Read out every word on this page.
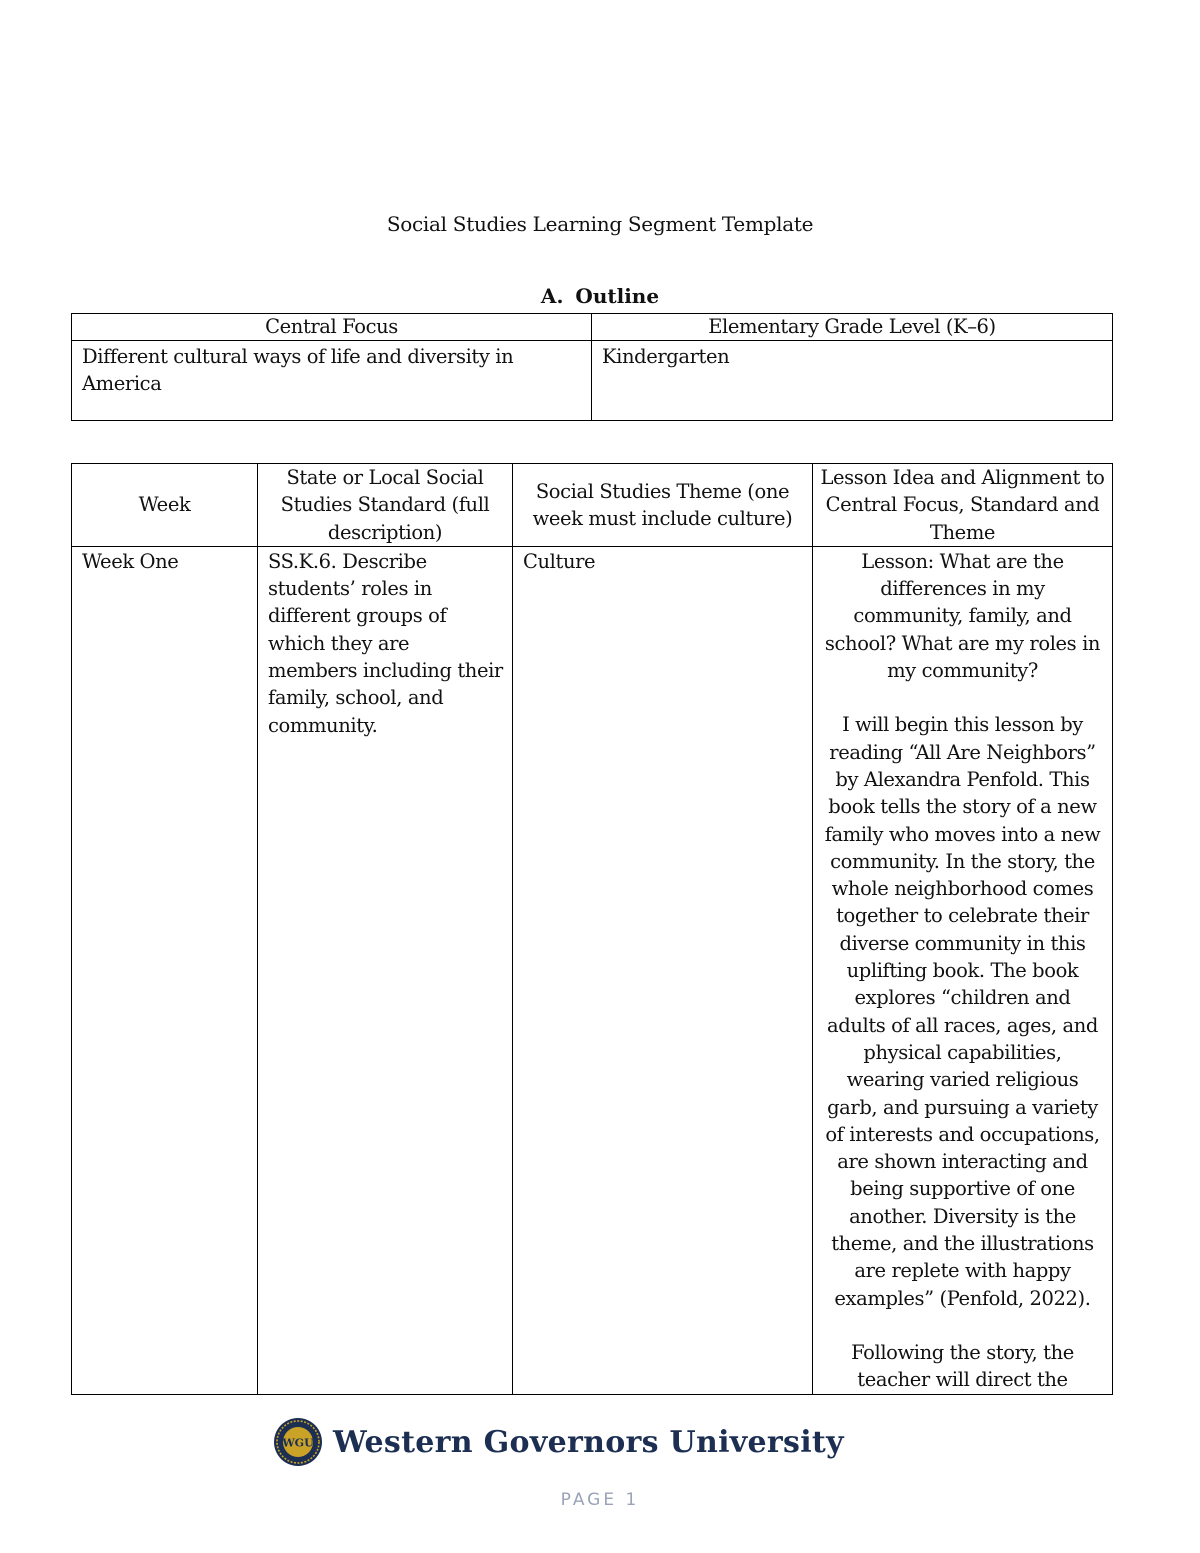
Social Studies Learning Segment Template
A. Outline
Central Focus	Elementary Grade Level (K–6)

Different cultural ways of life and diversity in America	Kindergarten
Week	State or Local Social Studies Standard (full description)	Social Studies Theme (one week must include culture)	Lesson Idea and Alignment to Central Focus, Standard and Theme

Week One	SS.K.6. Describe students’ roles in different groups of which they are members including their family, school, and community.	Culture	Lesson: What are the differences in my community, family, and school? What are my roles in my community?

I will begin this lesson by reading “All Are Neighbors” by Alexandra Penfold. This book tells the story of a new family who moves into a new community. In the story, the whole neighborhood comes together to celebrate their diverse community in this uplifting book. The book explores “children and adults of all races, ages, and physical capabilities, wearing varied religious garb, and pursuing a variety of interests and occupations, are shown interacting and being supportive of one another. Diversity is the theme, and the illustrations are replete with happy examples” (Penfold, 2022).

Following the story, the teacher will direct the

WGU Western Governors University
PAGE 1
